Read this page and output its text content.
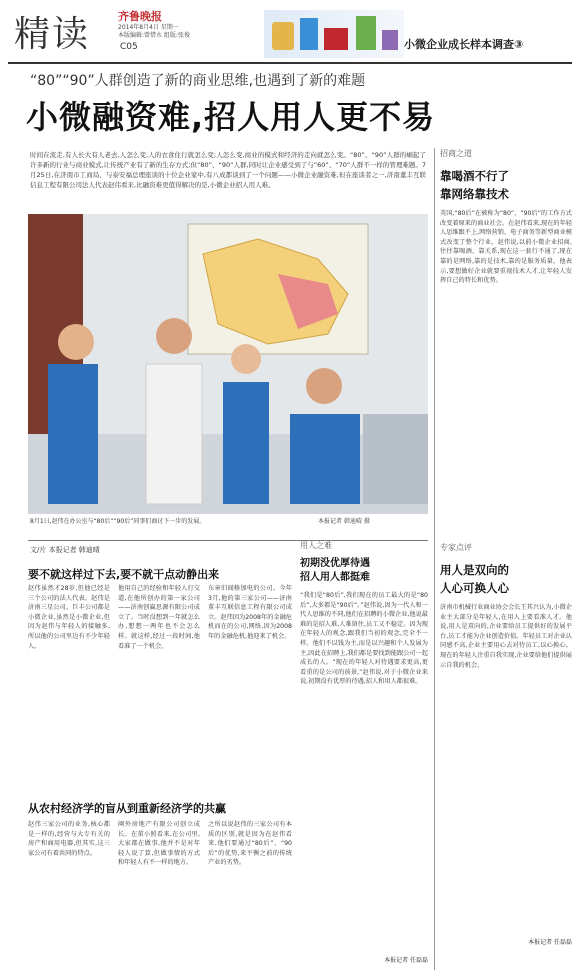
精读	齐鲁晚报
2014年8月4日 星期一
本版编辑:曾惜水 组版:张俊
C05	小微企业成长样本调查③
“80”“90”人群创造了新的商业思维,也遇到了新的难题
小微融资难,招人用人更不易
时间在流走,有人长大有人老去,人怎么变,人的衣食住行就怎么变;人怎么变,商业的模式和经济的走向就怎么变。“80”、“90”人群的崛起了许多新的行业与商业模式,让传统产业有了新的生存方式;但“80”、“90”人群,同时让企业感受到了与“60”、“70”人群不一样的管理难题。7月25日,在济南市工商局、与泰安福总理座谈的十位企业家中,有八成都谈到了一个问题——小微企业融资难,但在座谈者之一,济南董丰互联信息工程有限公司法人代表赵伟看来,比融资难更值得解决的是,小微企业招人用人难。
8月1日,赵伟在办公室与“80后”“90后”同事们商讨下一步的发展。	本报记者 韩迪晴 摄
文/片 本报记者 韩迪晴
要不就这样过下去,要不就干点动静出来
赵伟虽然才28岁,但他已经是三个公司的法人代表。赵伟是济南三星公司、巨丰公司都是小微企业,虽然是小微企业,但因为赵伟与年轻人的接触多,所以他的公司里边有不少年轻人。
他用自己的经验和年轻人打交道,在他所创办的第一家公司——济南创赢思源有限公司成立了。当时没想到一年就怎么办,想想一两年也不会怎么样。就这样,经过一段时间,他看准了一个机会。
东章旧闻修加电的公司。今年3月,他的第三家公司——济南董丰互联信息工程有限公司成立。赵伟因为2008年的金融危机而在的公司,网络,因为2008年的金融危机,他迎来了机会。
从农村经济学的盲从到重新经济学的共赢
赵伟三家公司的业务,核心都是一样的,经营与大专有关的房产和商用电器,但其实,这三家公司有着共同的特点。
阐外房地产有限公司创立成长。在董小照看来,在公司里,大家都在做事,他并不是对年轻人说了算,但做事情的方式和年轻人有不一样的地方。
之所以说赵伟的三家公司有本质的区别,就是因为在赵伟看来,他们要通过“80后”、“90后”的优势,来平衡之前的传统产业的劣势。
用人之难
初期没优厚待遇
招人用人都挺难
“我们是“80后”,我们现在的员工最大的是“80后”,大多都是“90后”。”赵伟说,因为一代人和一代人思维的不同,他们在招聘的小微企业,他说最难的是招人难,人难留住,员工又不稳定。因为现在年轻人的观念,跟我们当初的观念,完全不一样。他们不以钱为主,而是以兴趣和个人发展为主,因此在招聘上,我们都是要找到能跟公司一起成长的人。“现在的年轻人对待遇要求更高,更看重的是公司的前景,”赵伟说,对于小微企业来说,初期没有优厚的待遇,招人和用人都很难。
本报记者 任磊磊
招商之道
靠喝酒不行了
靠网络靠技术
英国,“80后”在被称为“80”、“90后”的工作方式改变着原来的商业社会。在赵伟看来,现在的年轻人思维跟不上,网络营销、电子商务等新型商业模式改变了整个行业。赵伟说,以前小微企业招商,往往靠喝酒、靠关系,现在这一套行不通了,现在靠的是网络,靠的是技术,靠的是服务质量。他表示,要想做好企业就要重视技术人才,让年轻人发挥自己的特长和优势。
专家点评
用人是双向的
人心可换人心
济南市机械行业商业协会会长王其兴认为,小微企业主大部分是年轻人,在用人上要看准人才。他说,用人是双向的,企业要给员工提供好的发展平台,员工才能为企业创造价值。年轻员工对企业认同感不高,企业主要用心去对待员工,以心换心。现在的年轻人注重自我实现,企业要给他们提供展示自我的机会。
本报记者 任磊磊
